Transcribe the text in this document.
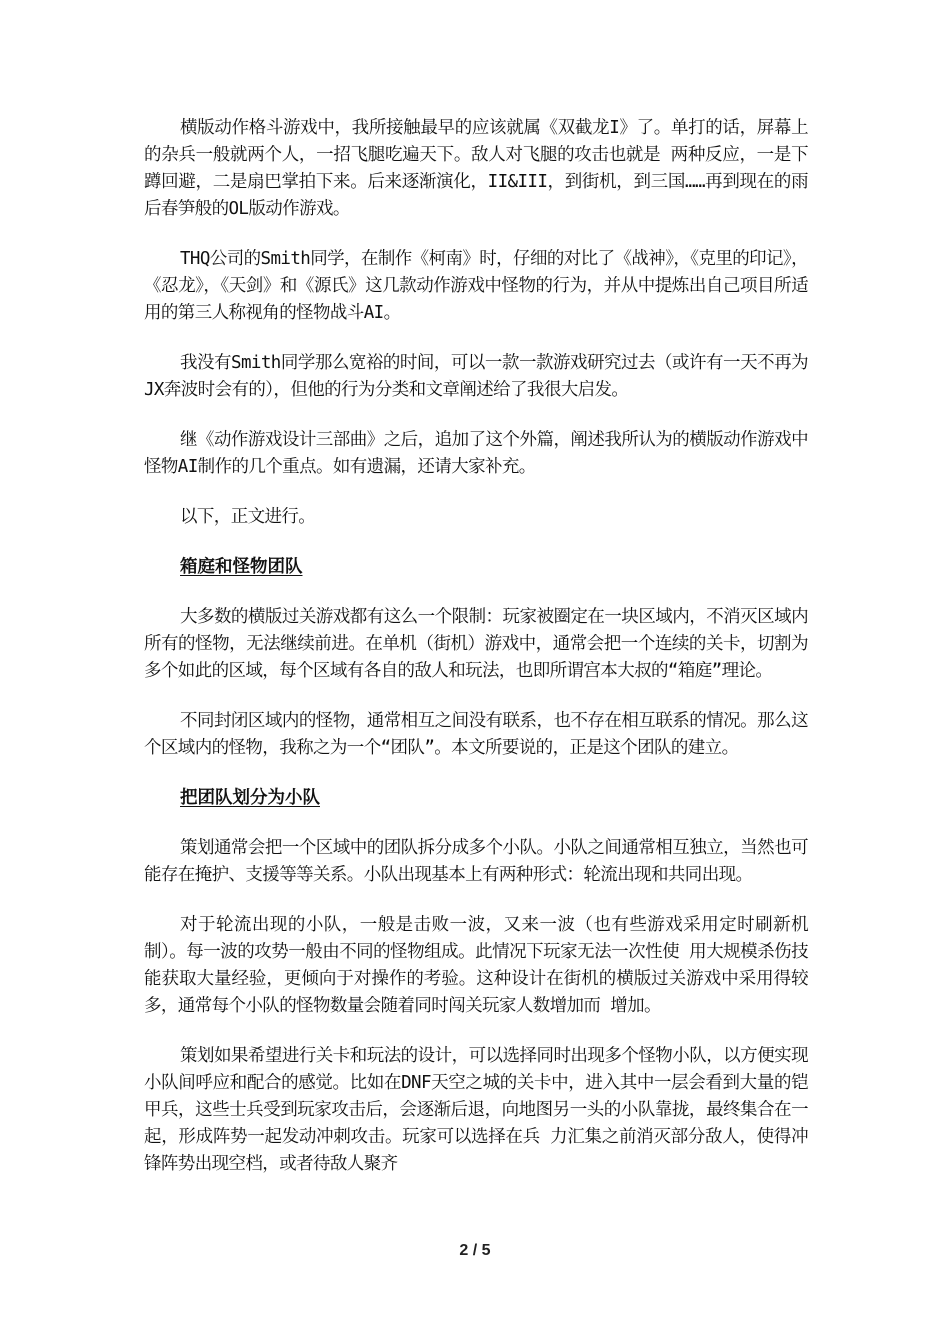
横版动作格斗游戏中，我所接触最早的应该就属《双截龙I》了。单打的话，屏幕上的杂兵一般就两个人，一招飞腿吃遍天下。敌人对飞腿的攻击也就是 两种反应，一是下蹲回避，二是扇巴掌拍下来。后来逐渐演化，II&III，到街机，到三国……再到现在的雨后春笋般的OL版动作游戏。

THQ公司的Smith同学，在制作《柯南》时，仔细的对比了《战神》，《克里的印记》，《忍龙》，《天剑》和《源氏》这几款动作游戏中怪物的行为，并从中提炼出自己项目所适用的第三人称视角的怪物战斗AI。

我没有Smith同学那么宽裕的时间，可以一款一款游戏研究过去（或许有一天不再为JX奔波时会有的），但他的行为分类和文章阐述给了我很大启发。

继《动作游戏设计三部曲》之后，追加了这个外篇，阐述我所认为的横版动作游戏中怪物AI制作的几个重点。如有遗漏，还请大家补充。

以下，正文进行。

箱庭和怪物团队

大多数的横版过关游戏都有这么一个限制：玩家被圈定在一块区域内，不消灭区域内所有的怪物，无法继续前进。在单机（街机）游戏中，通常会把一个连续的关卡，切割为多个如此的区域，每个区域有各自的敌人和玩法，也即所谓宫本大叔的“箱庭”理论。

不同封闭区域内的怪物，通常相互之间没有联系，也不存在相互联系的情况。那么这个区域内的怪物，我称之为一个“团队”。本文所要说的，正是这个团队的建立。

把团队划分为小队

策划通常会把一个区域中的团队拆分成多个小队。小队之间通常相互独立，当然也可能存在掩护、支援等等关系。小队出现基本上有两种形式：轮流出现和共同出现。

对于轮流出现的小队，一般是击败一波，又来一波（也有些游戏采用定时刷新机制）。每一波的攻势一般由不同的怪物组成。此情况下玩家无法一次性使 用大规模杀伤技能获取大量经验，更倾向于对操作的考验。这种设计在街机的横版过关游戏中采用得较多，通常每个小队的怪物数量会随着同时闯关玩家人数增加而 增加。

策划如果希望进行关卡和玩法的设计，可以选择同时出现多个怪物小队，以方便实现小队间呼应和配合的感觉。比如在DNF天空之城的关卡中，进入其中一层会看到大量的铠甲兵，这些士兵受到玩家攻击后，会逐渐后退，向地图另一头的小队靠拢，最终集合在一起，形成阵势一起发动冲刺攻击。玩家可以选择在兵 力汇集之前消灭部分敌人，使得冲锋阵势出现空档，或者待敌人聚齐

2 / 5
